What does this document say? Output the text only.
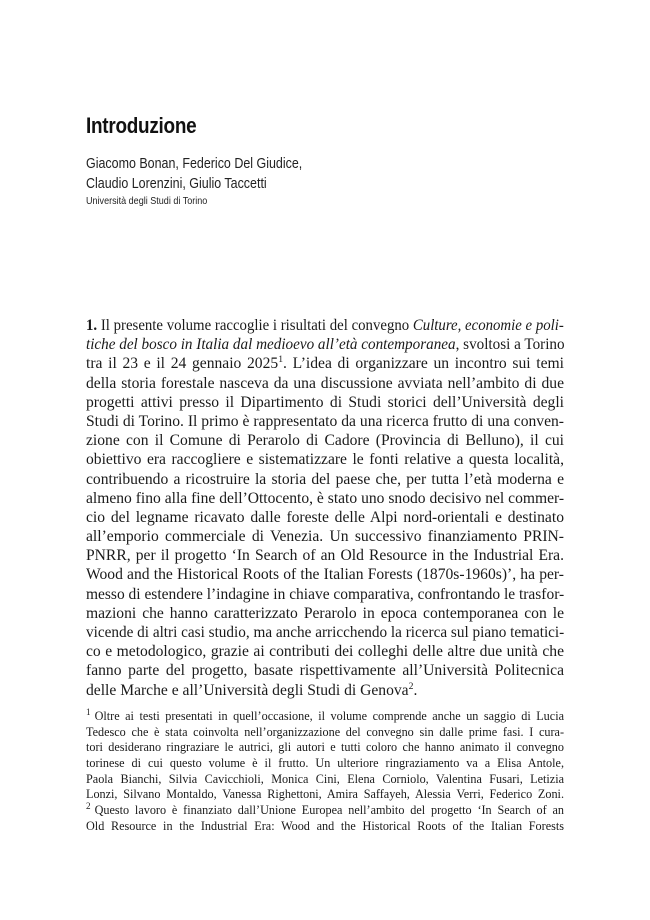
Introduzione
Giacomo Bonan, Federico Del Giudice,
Claudio Lorenzini, Giulio Taccetti
Università degli Studi di Torino
1. Il presente volume raccoglie i risultati del convegno Culture, economie e poli-
tiche del bosco in Italia dal medioevo all’età contemporanea, svoltosi a Torino
tra il 23 e il 24 gennaio 2025$^1$. L’idea di organizzare un incontro sui temi
della storia forestale nasceva da una discussione avviata nell’ambito di due
progetti attivi presso il Dipartimento di Studi storici dell’Università degli
Studi di Torino. Il primo è rappresentato da una ricerca frutto di una conven-
zione con il Comune di Perarolo di Cadore (Provincia di Belluno), il cui
obiettivo era raccogliere e sistematizzare le fonti relative a questa località,
contribuendo a ricostruire la storia del paese che, per tutta l’età moderna e
almeno fino alla fine dell’Ottocento, è stato uno snodo decisivo nel commer-
cio del legname ricavato dalle foreste delle Alpi nord-orientali e destinato
all’emporio commerciale di Venezia. Un successivo finanziamento PRIN-
PNRR, per il progetto ‘In Search of an Old Resource in the Industrial Era.
Wood and the Historical Roots of the Italian Forests (1870s-1960s)’, ha per-
messo di estendere l’indagine in chiave comparativa, confrontando le trasfor-
mazioni che hanno caratterizzato Perarolo in epoca contemporanea con le
vicende di altri casi studio, ma anche arricchendo la ricerca sul piano tematici-
co e metodologico, grazie ai contributi dei colleghi delle altre due unità che
fanno parte del progetto, basate rispettivamente all’Università Politecnica
delle Marche e all’Università degli Studi di Genova$^2$.
$^1$ Oltre ai testi presentati in quell’occasione, il volume comprende anche un saggio di Lucia
Tedesco che è stata coinvolta nell’organizzazione del convegno sin dalle prime fasi. I cura-
tori desiderano ringraziare le autrici, gli autori e tutti coloro che hanno animato il convegno
torinese di cui questo volume è il frutto. Un ulteriore ringraziamento va a Elisa Antole,
Paola Bianchi, Silvia Cavicchioli, Monica Cini, Elena Corniolo, Valentina Fusari, Letizia
Lonzi, Silvano Montaldo, Vanessa Righettoni, Amira Saffayeh, Alessia Verri, Federico Zoni.
$^2$ Questo lavoro è finanziato dall’Unione Europea nell’ambito del progetto ‘In Search of an
Old Resource in the Industrial Era: Wood and the Historical Roots of the Italian Forests
